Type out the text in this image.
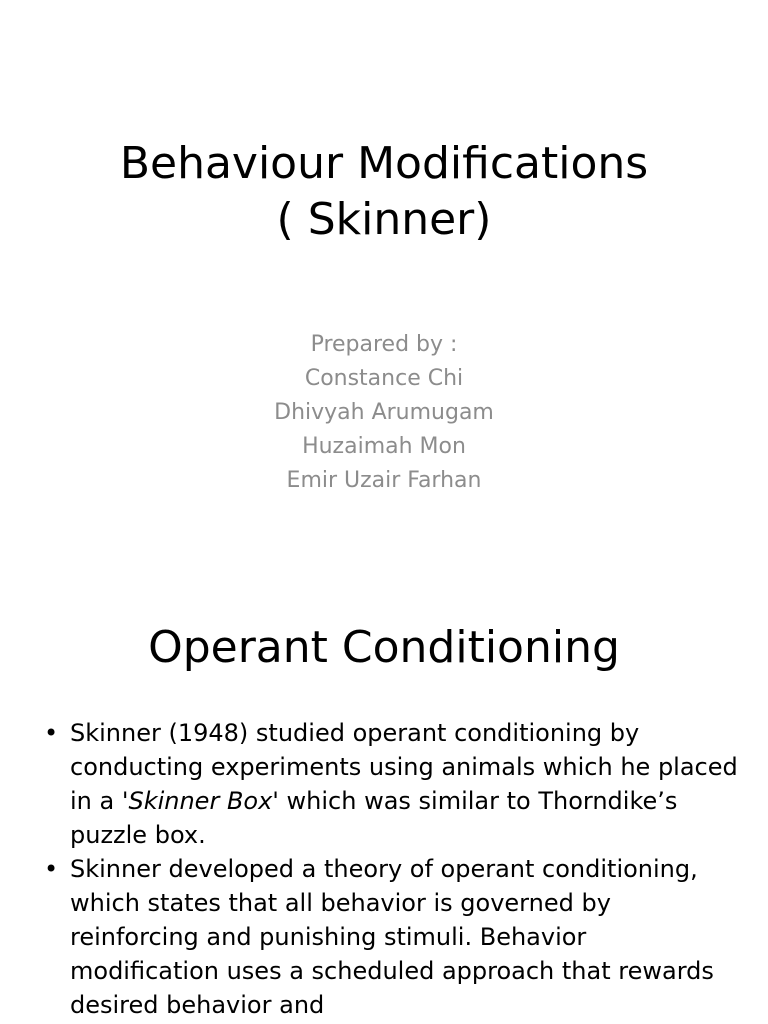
Behaviour Modifications
( Skinner)
Prepared by :
Constance Chi
Dhivyah Arumugam
Huzaimah Mon
Emir Uzair Farhan
Operant Conditioning
• Skinner (1948) studied operant conditioning by conducting experiments using animals which he placed in a 'Skinner Box' which was similar to Thorndike’s puzzle box.
• Skinner developed a theory of operant conditioning, which states that all behavior is governed by reinforcing and punishing stimuli. Behavior modification uses a scheduled approach that rewards desired behavior and
